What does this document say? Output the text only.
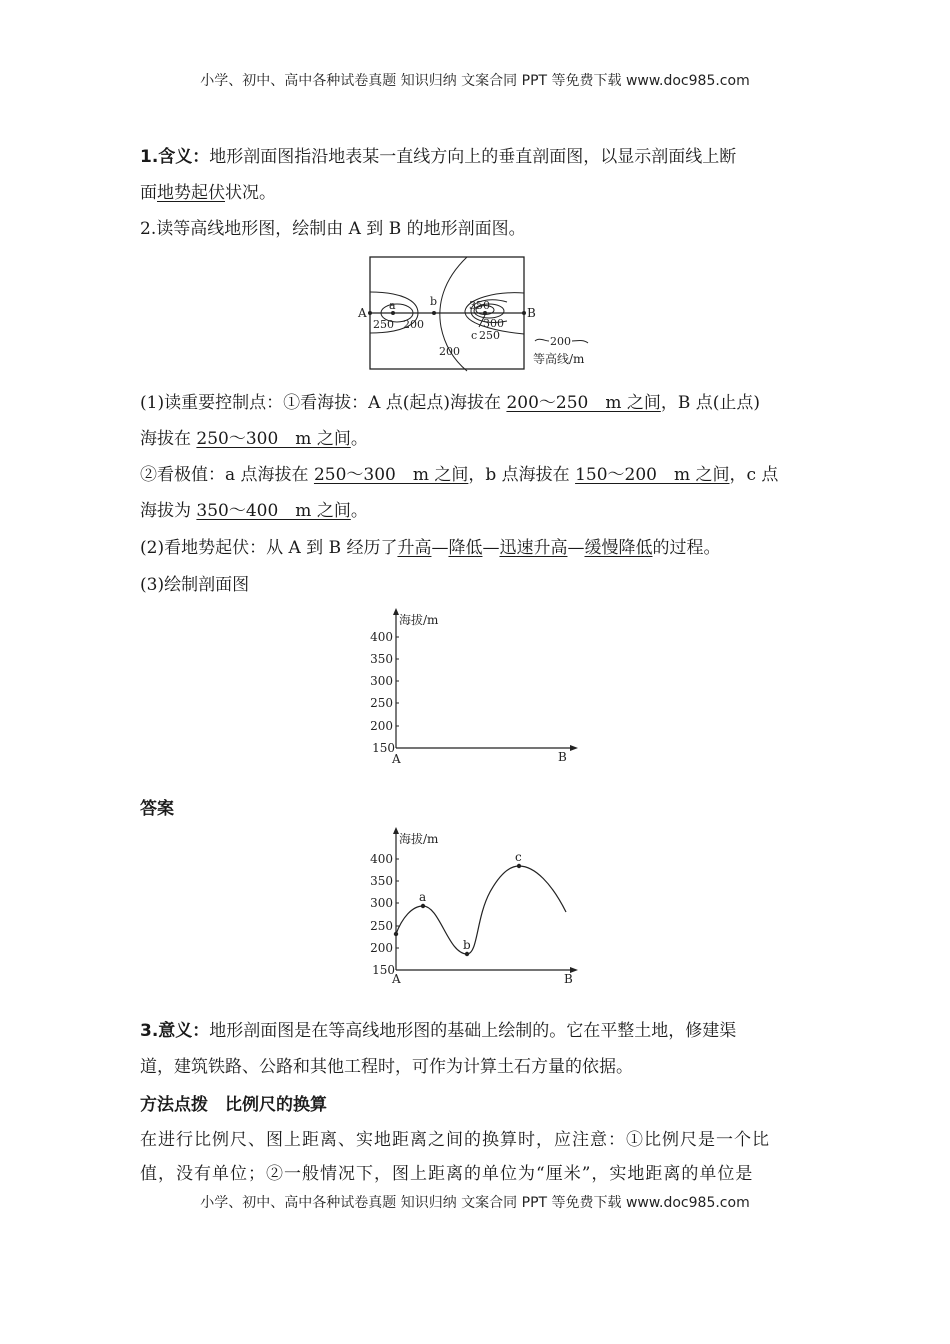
小学、初中、高中各种试卷真题 知识归纳 文案合同 PPT 等免费下载 www.doc985.com
1.含义：地形剖面图指沿地表某一直线方向上的垂直剖面图，以显示剖面线上断
面地势起伏状况。
2.读等高线地形图，绘制由 A 到 B 的地形剖面图。
A
a	b
c
B
250 200
350
300
250
200
200
等高线/m
(1)读重要控制点：①看海拔：A 点(起点)海拔在 200～250　m 之间，B 点(止点)
海拔在 250～300　m 之间。
②看极值：a 点海拔在 250～300　m 之间，b 点海拔在 150～200　m 之间，c 点
海拔为 350～400　m 之间。
(2)看地势起伏：从 A 到 B 经历了升高—降低—迅速升高—缓慢降低的过程。
(3)绘制剖面图
海拔/m
150
200
250
300
350
400
A	B
答案
海拔/m
150
200
250
300
350
400
a
b
c
A	B
3.意义：地形剖面图是在等高线地形图的基础上绘制的。它在平整土地，修建渠
道，建筑铁路、公路和其他工程时，可作为计算土石方量的依据。
方法点拨　比例尺的换算
在进行比例尺、图上距离、实地距离之间的换算时，应注意：①比例尺是一个比
值，没有单位；②一般情况下，图上距离的单位为“厘米”，实地距离的单位是
小学、初中、高中各种试卷真题 知识归纳 文案合同 PPT 等免费下载 www.doc985.com
